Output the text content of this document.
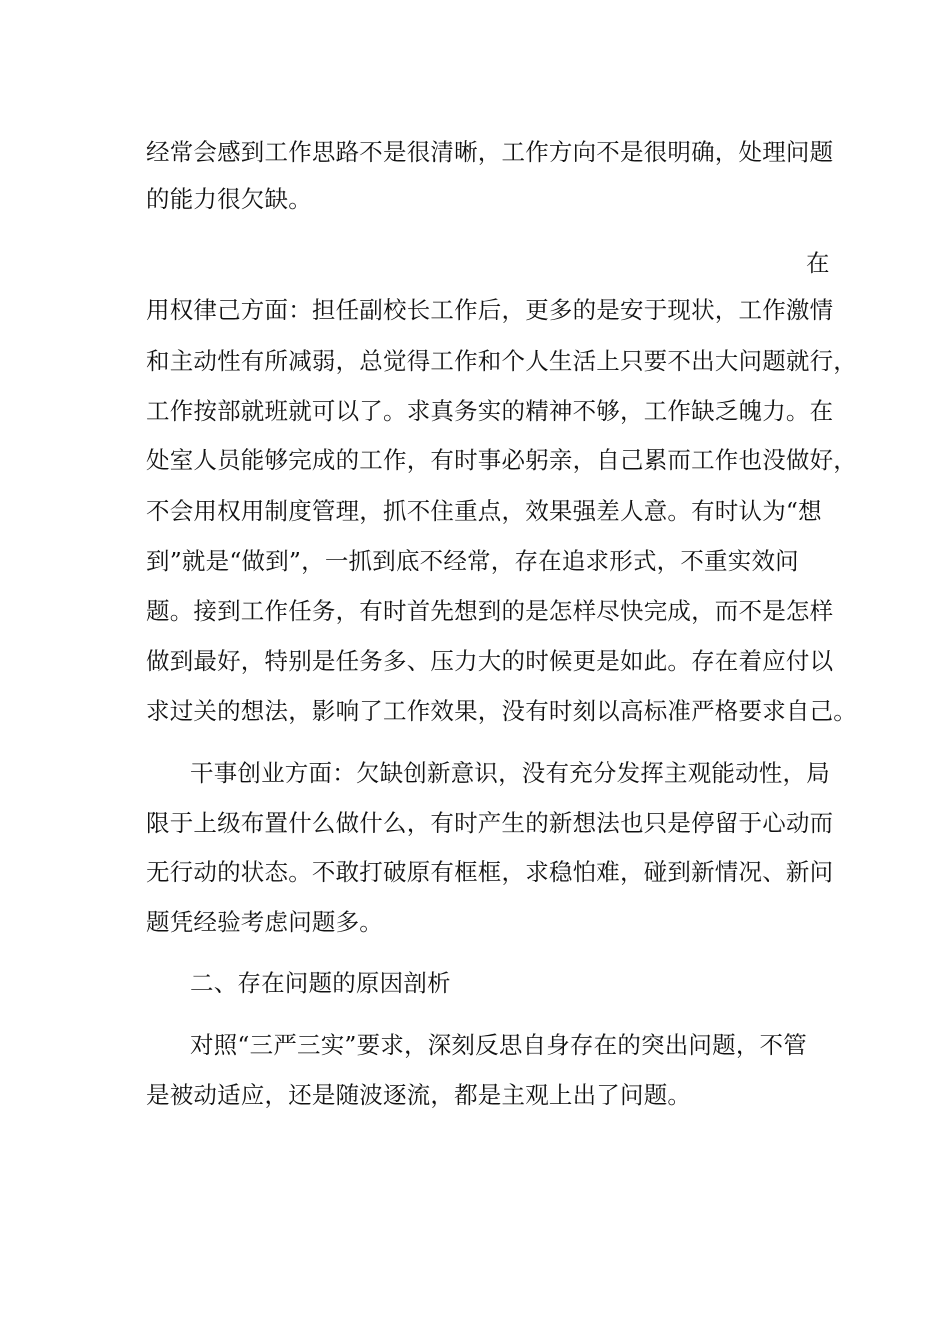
经常会感到工作思路不是很清晰，工作方向不是很明确，处理问题
的能力很欠缺。
在
用权律己方面：担任副校长工作后，更多的是安于现状，工作激情
和主动性有所减弱，总觉得工作和个人生活上只要不出大问题就行，
工作按部就班就可以了。求真务实的精神不够，工作缺乏魄力。在
处室人员能够完成的工作，有时事必躬亲，自己累而工作也没做好，
不会用权用制度管理，抓不住重点，效果强差人意。有时认为“想
到”就是“做到”，一抓到底不经常，存在追求形式，不重实效问
题。接到工作任务，有时首先想到的是怎样尽快完成，而不是怎样
做到最好，特别是任务多、压力大的时候更是如此。存在着应付以
求过关的想法，影响了工作效果，没有时刻以高标准严格要求自己。
干事创业方面：欠缺创新意识，没有充分发挥主观能动性，局
限于上级布置什么做什么，有时产生的新想法也只是停留于心动而
无行动的状态。不敢打破原有框框，求稳怕难，碰到新情况、新问
题凭经验考虑问题多。
二、存在问题的原因剖析
对照“三严三实”要求，深刻反思自身存在的突出问题，不管
是被动适应，还是随波逐流，都是主观上出了问题。
